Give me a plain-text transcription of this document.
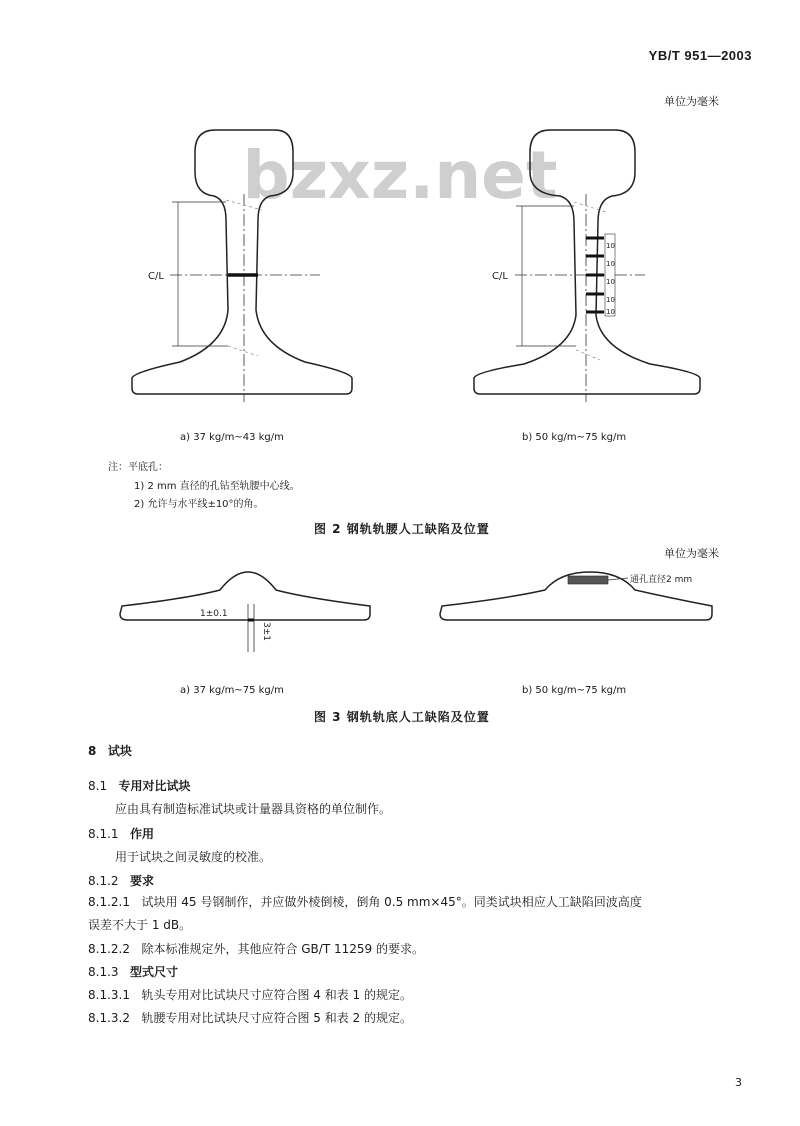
YB/T 951—2003
单位为毫米
bzxz.net
C/L
10
10
10
10
10
C/L
a) 37 kg/m~43 kg/m	b) 50 kg/m~75 kg/m
注：平底孔：
1) 2 mm 直径的孔钻至轨腰中心线。
2) 允许与水平线±10°的角。
图 2 钢轨轨腰人工缺陷及位置
单位为毫米
1±0.1
3±1
通孔直径2 mm
a) 37 kg/m~75 kg/m	b) 50 kg/m~75 kg/m
图 3 钢轨轨底人工缺陷及位置
8 试块
8.1 专用对比试块
应由具有制造标准试块或计量器具资格的单位制作。
8.1.1 作用
用于试块之间灵敏度的校准。
8.1.2 要求
8.1.2.1 试块用 45 号钢制作，并应做外棱倒棱，倒角 0.5 mm×45°。同类试块相应人工缺陷回波高度
误差不大于 1 dB。
8.1.2.2 除本标准规定外，其他应符合 GB/T 11259 的要求。
8.1.3 型式尺寸
8.1.3.1 轨头专用对比试块尺寸应符合图 4 和表 1 的规定。
8.1.3.2 轨腰专用对比试块尺寸应符合图 5 和表 2 的规定。
3
